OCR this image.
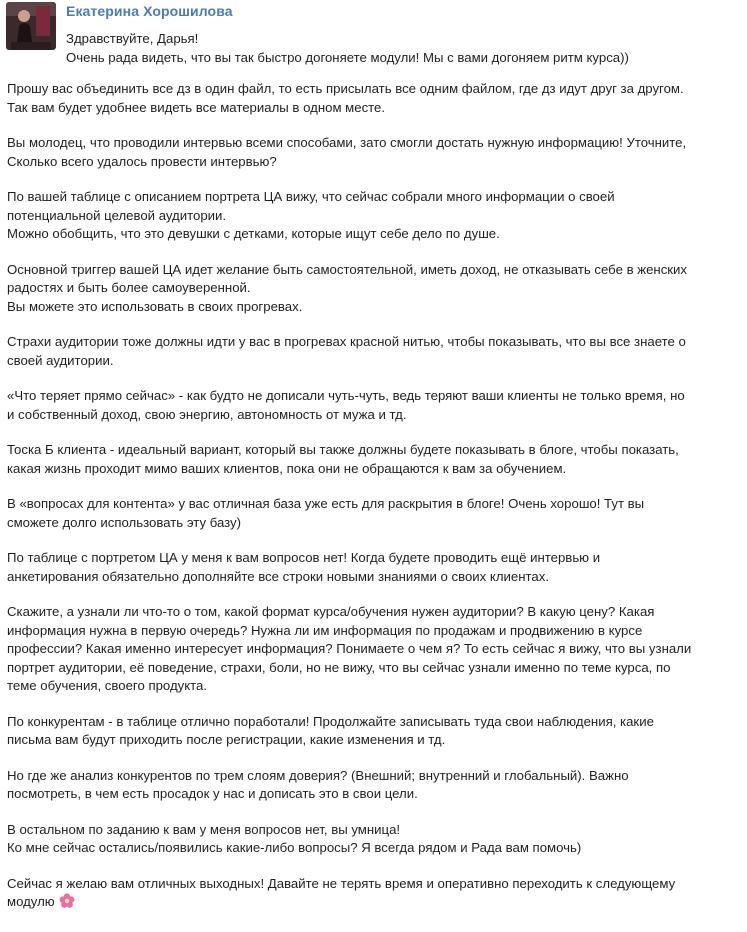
Екатерина Хорошилова

Здравствуйте, Дарья!

Очень рада видеть, что вы так быстро догоняете модули! Мы с вами догоняем ритм курса))

Прошу вас объединить все дз в один файл, то есть присылать все одним файлом, где дз идут друг за другом.
Так вам будет удобнее видеть все материалы в одном месте.

Вы молодец, что проводили интервью всеми способами, зато смогли достать нужную информацию! Уточните,
Сколько всего удалось провести интервью?

По вашей таблице с описанием портрета ЦА вижу, что сейчас собрали много информации о своей
потенциальной целевой аудитории.
Можно обобщить, что это девушки с детками, которые ищут себе дело по душе.

Основной триггер вашей ЦА идет желание быть самостоятельной, иметь доход, не отказывать себе в женских
радостях и быть более самоуверенной.
Вы можете это использовать в своих прогревах.

Страхи аудитории тоже должны идти у вас в прогревах красной нитью, чтобы показывать, что вы все знаете о
своей аудитории.

«Что теряет прямо сейчас» - как будто не дописали чуть-чуть, ведь теряют ваши клиенты не только время, но
и собственный доход, свою энергию, автономность от мужа и тд.

Тоска Б клиента - идеальный вариант, который вы также должны будете показывать в блоге, чтобы показать,
какая жизнь проходит мимо ваших клиентов, пока они не обращаются к вам за обучением.

В «вопросах для контента» у вас отличная база уже есть для раскрытия в блоге! Очень хорошо! Тут вы
сможете долго использовать эту базу)

По таблице с портретом ЦА у меня к вам вопросов нет! Когда будете проводить ещё интервью и
анкетирования обязательно дополняйте все строки новыми знаниями о своих клиентах.

Скажите, а узнали ли что-то о том, какой формат курса/обучения нужен аудитории? В какую цену? Какая
информация нужна в первую очередь? Нужна ли им информация по продажам и продвижению в курсе
профессии? Какая именно интересует информация? Понимаете о чем я? То есть сейчас я вижу, что вы узнали
портрет аудитории, её поведение, страхи, боли, но не вижу, что вы сейчас узнали именно по теме курса, по
теме обучения, своего продукта.

По конкурентам - в таблице отлично поработали! Продолжайте записывать туда свои наблюдения, какие
письма вам будут приходить после регистрации, какие изменения и тд.

Но где же анализ конкурентов по трем слоям доверия? (Внешний; внутренний и глобальный). Важно
посмотреть, в чем есть просадок у нас и дописать это в свои цели.

В остальном по заданию к вам у меня вопросов нет, вы умница!
Ко мне сейчас остались/появились какие-либо вопросы? Я всегда рядом и Рада вам помочь)

Сейчас я желаю вам отличных выходных! Давайте не терять время и оперативно переходить к следующему
модулю
